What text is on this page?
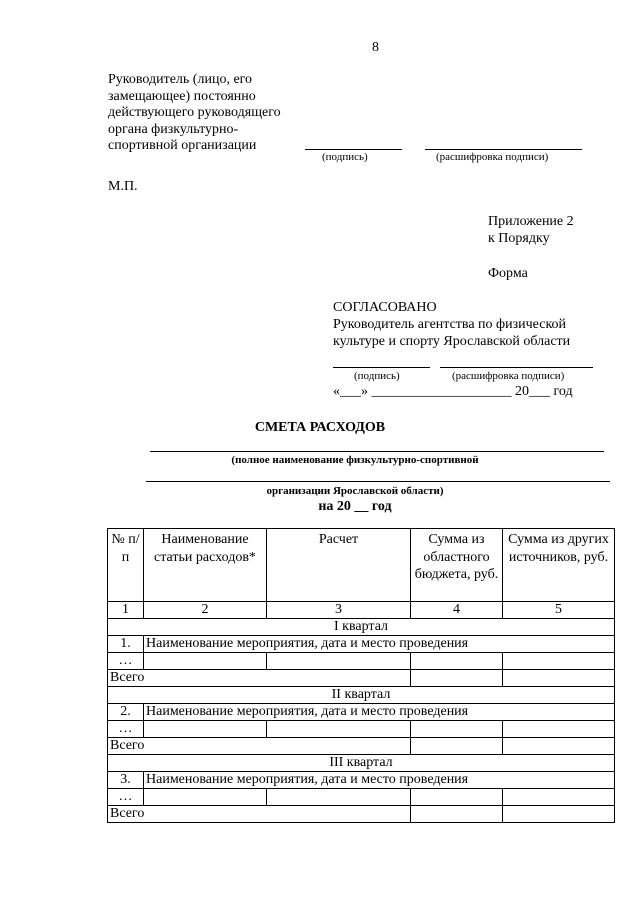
8
Руководитель (лицо, его
замещающее) постоянно
действующего руководящего
органа физкультурно-
спортивной организации
(подпись)	(расшифровка подписи)
М.П.
Приложение 2
к Порядку
Форма
СОГЛАСОВАНО
Руководитель агентства по физической
культуре и спорту Ярославской области
(подпись)	(расшифровка подписи)
«___» ____________________ 20___ год
СМЕТА РАСХОДОВ
(полное наименование физкультурно-спортивной
организации Ярославской области)
на 20 __ год
№ п/п	Наименование статьи расходов*	Расчет	Сумма из областного бюджета, руб.	Сумма из других источников, руб.
1	2	3	4	5
I квартал				
1.	Наименование мероприятия, дата и место проведения			
…				
Всего				
II квартал				
2.	Наименование мероприятия, дата и место проведения			
…				
Всего				
III квартал				
3.	Наименование мероприятия, дата и место проведения			
…				
Всего				
